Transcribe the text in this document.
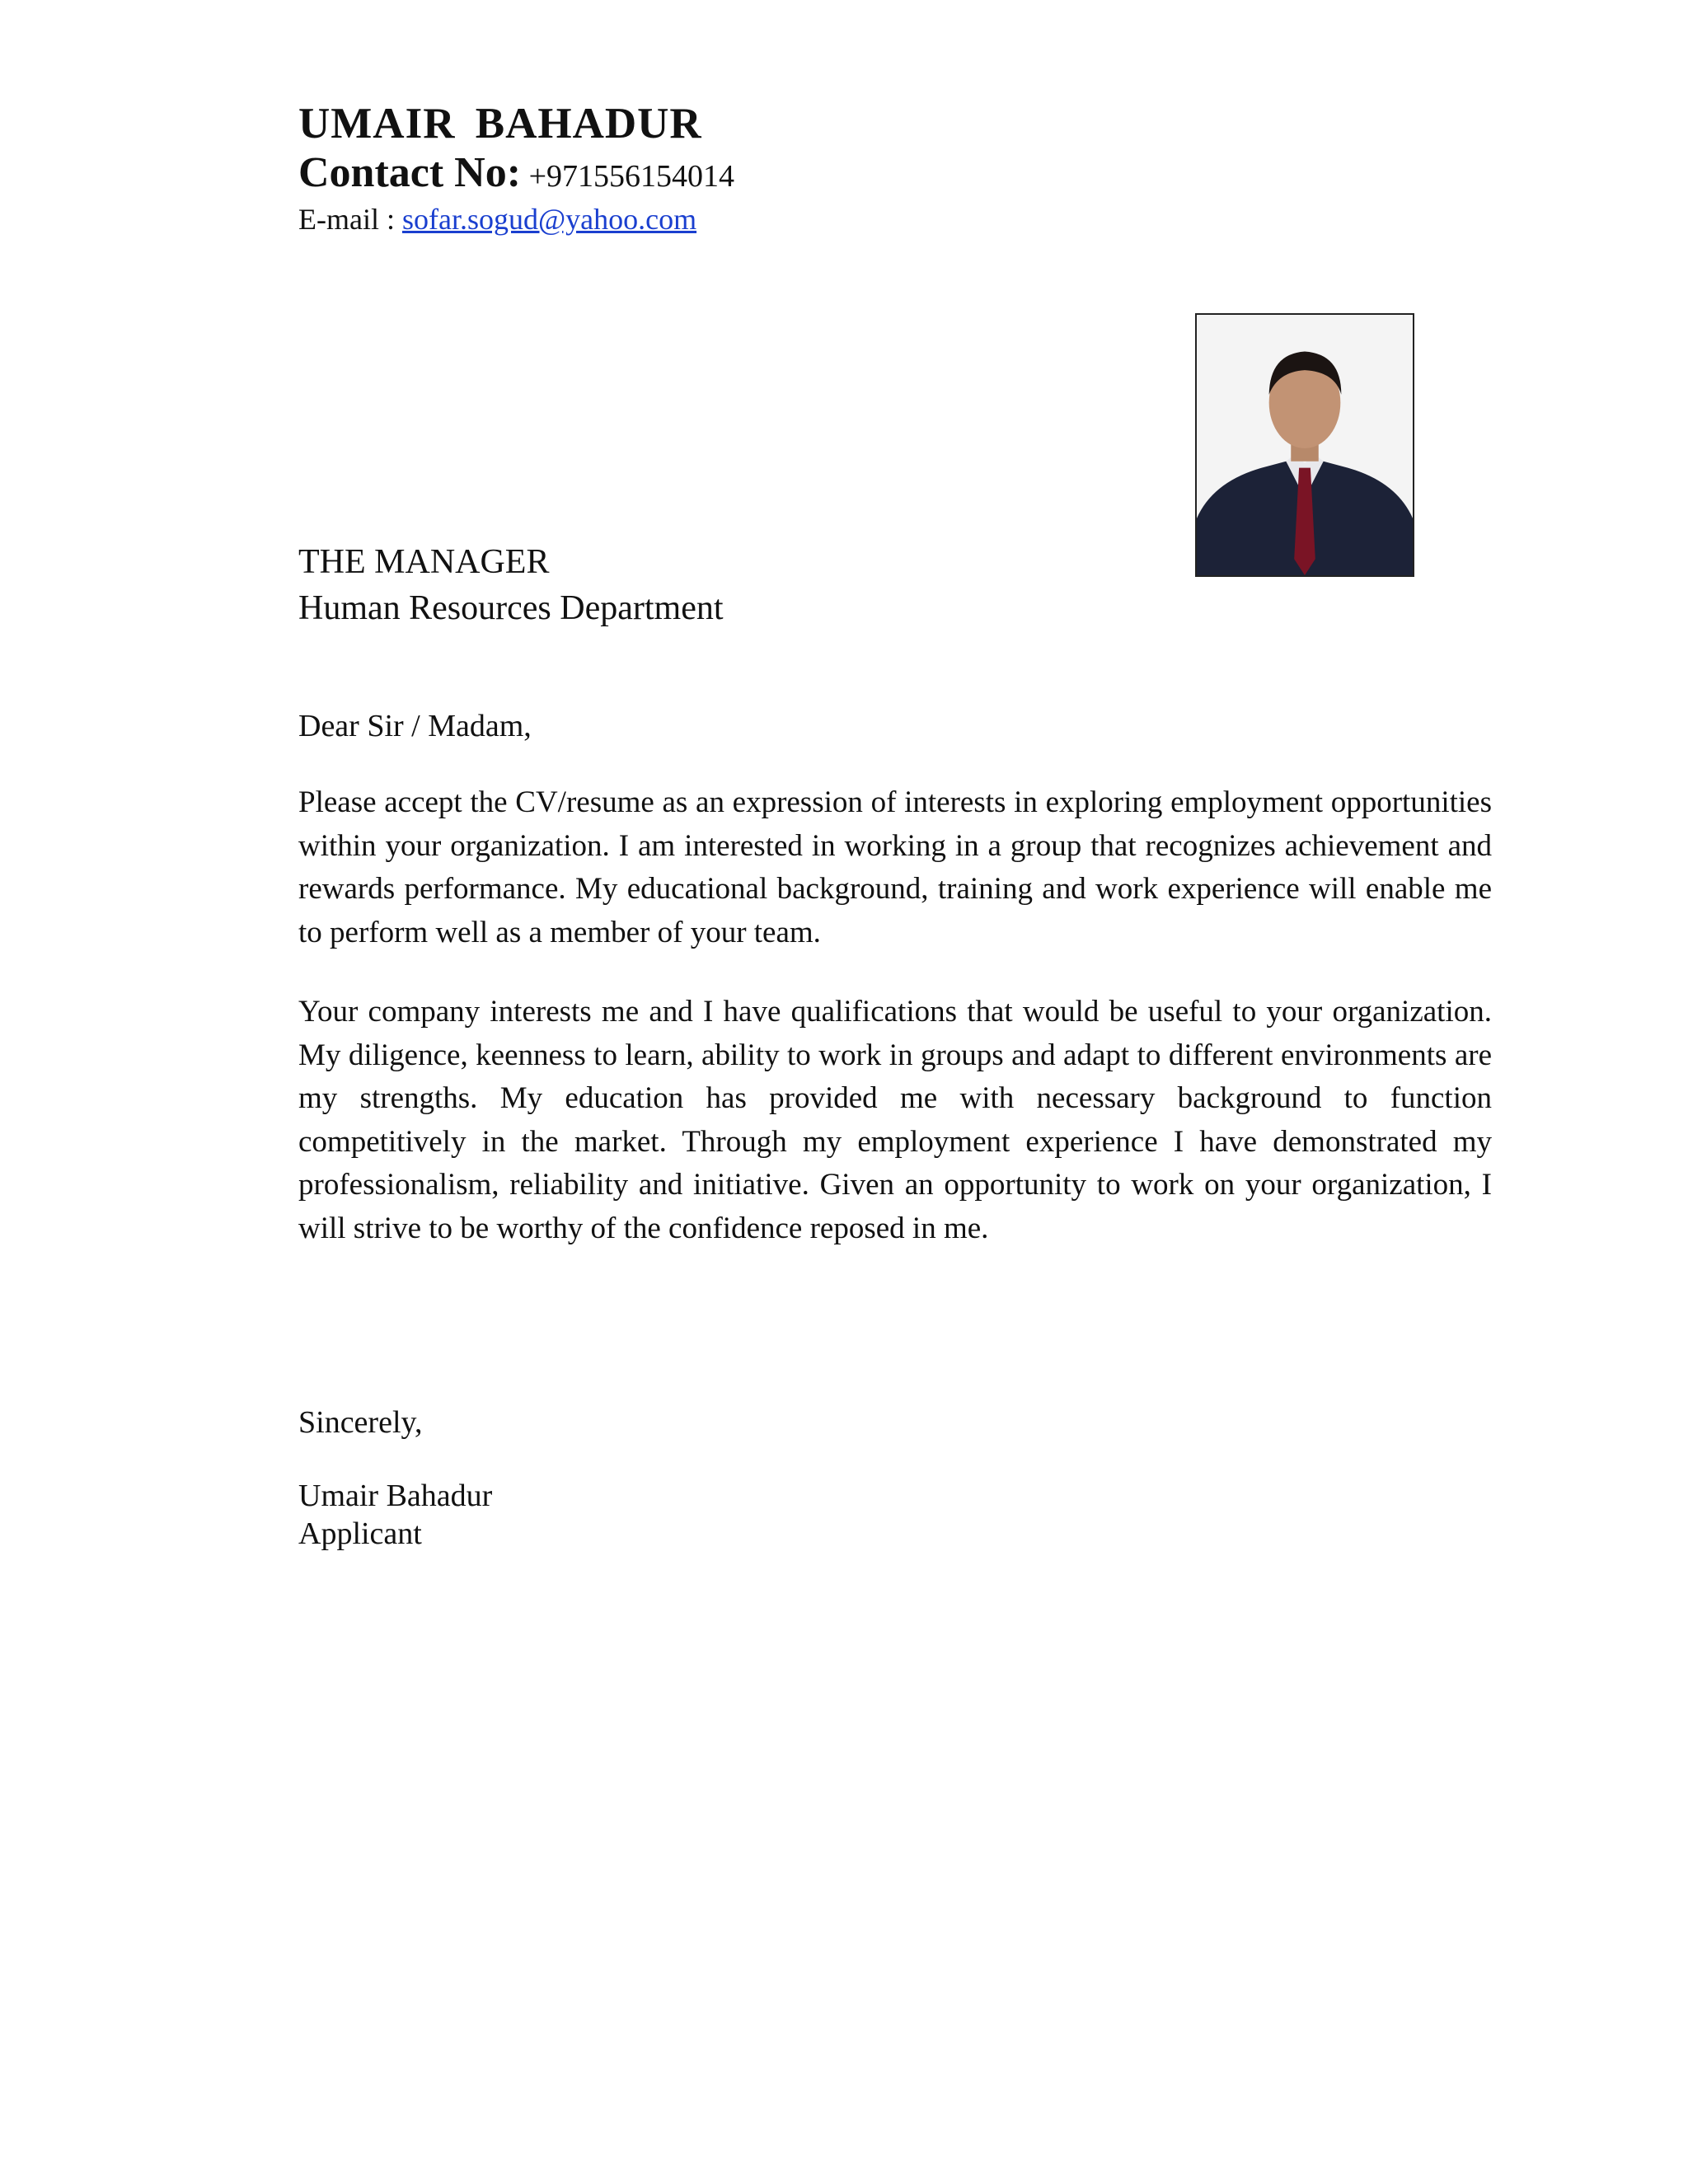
UMAIR BAHADUR
Contact No: +971556154014
E-mail : sofar.sogud@yahoo.com
THE MANAGER
Human Resources Department
Dear Sir / Madam,

Please accept the CV/resume as an expression of interests in exploring employment opportunities within your organization. I am interested in working in a group that recognizes achievement and rewards performance. My educational background, training and work experience will enable me to perform well as a member of your team.

Your company interests me and I have qualifications that would be useful to your organization. My diligence, keenness to learn, ability to work in groups and adapt to different environments are my strengths. My education has provided me with necessary background to function competitively in the market. Through my employment experience I have demonstrated my professionalism, reliability and initiative. Given an opportunity to work on your organization, I will strive to be worthy of the confidence reposed in me.

Sincerely,
Umair Bahadur
Applicant
